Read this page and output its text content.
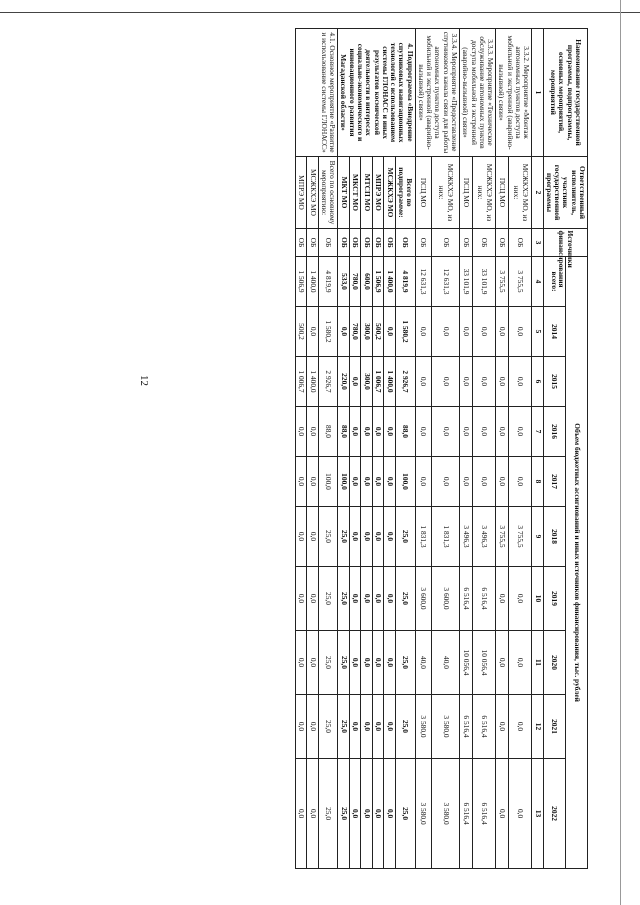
12
Наименование государственной программы, подпрограммы, основных мероприятий, мероприятий	Ответственный исполнитель, участник государственной программы	Источники финансирования	Объем бюджетных ассигнований и иных источников финансирования, тыс. рублей									
			всего:	2014	2015	2016	2017	2018	2019	2020	2021	2022
1	2	3	4	5	6	7	8	9	10	11	12	13
3.3.2. Мероприятие «Монтаж автономных пунктов доступа мобильной и экстренной (аварийно-вызывной) связи»	МСЖКХЭ МО, из них:	ОБ	3 755,5	0,0	0,0	0,0	0,0	3 755,5	0,0	0,0	0,0	0,0
	ПСЦ МО	ОБ	3 755,5	0,0	0,0	0,0	0,0	3 755,5	0,0	0,0	0,0	0,0
3.3.3. Мероприятие «Техническое обслуживание автономных пунктов доступа мобильной и экстренной (аварийно-вызывной) связи»	МСЖКХЭ МО, из них:	ОБ	33 101,9	0,0	0,0	0,0	0,0	3 496,3	6 516,4	10 056,4	6 516,4	6 516,4
	ПСЦ МО	ОБ	33 101,9	0,0	0,0	0,0	0,0	3 496,3	6 516,4	10 056,4	6 516,4	6 516,4
3.3.4. Мероприятие «Предоставление спутникового канала связи для работы автономных пунктов доступа мобильной и экстренной (аварийно-вызывной) связи»	МСЖКХЭ МО, из них:	ОБ	12 631,3	0,0	0,0	0,0	0,0	1 831,3	3 600,0	40,0	3 580,0	3 580,0
	ПСЦ МО	ОБ	12 631,3	0,0	0,0	0,0	0,0	1 831,3	3 600,0	40,0	3 580,0	3 580,0
4. Подпрограмма «Внедрение спутниковых навигационных технологий с использованием системы ГЛОНАСС и иных результатов космической деятельности в интересах социально-экономического и инновационного развития Магаданской области»	Всего по подпрограмме:	ОБ	4 819,9	1 580,2	2 926,7	88,0	100,0	25,0	25,0	25,0	25,0	25,0
	МСЖКХЭ МО	ОБ	1 400,0	0,0	1 400,0	0,0	0,0	0,0	0,0	0,0	0,0	0,0
	МПРЭ МО	ОБ	1 506,9	500,2	1 006,7	0,0	0,0	0,0	0,0	0,0	0,0	0,0
	МТСП МО	ОБ	600,0	300,0	300,0	0,0	0,0	0,0	0,0	0,0	0,0	0,0
	МКСТ МО	ОБ	780,0	780,0	0,0	0,0	0,0	0,0	0,0	0,0	0,0	0,0
	МКТ МО	ОБ	533,0	0,0	220,0	88,0	100,0	25,0	25,0	25,0	25,0	25,0
4.1. Основное мероприятие «Развитие и использование системы ГЛОНАСС»	Всего по основному мероприятию:	ОБ	4 819,9	1 580,2	2 926,7	88,0	100,0	25,0	25,0	25,0	25,0	25,0
	МСЖКХЭ МО	ОБ	1 400,0	0,0	1 400,0	0,0	0,0	0,0	0,0	0,0	0,0	0,0
	МПРЭ МО	ОБ	1 506,9	500,2	1 006,7	0,0	0,0	0,0	0,0	0,0	0,0	0,0
